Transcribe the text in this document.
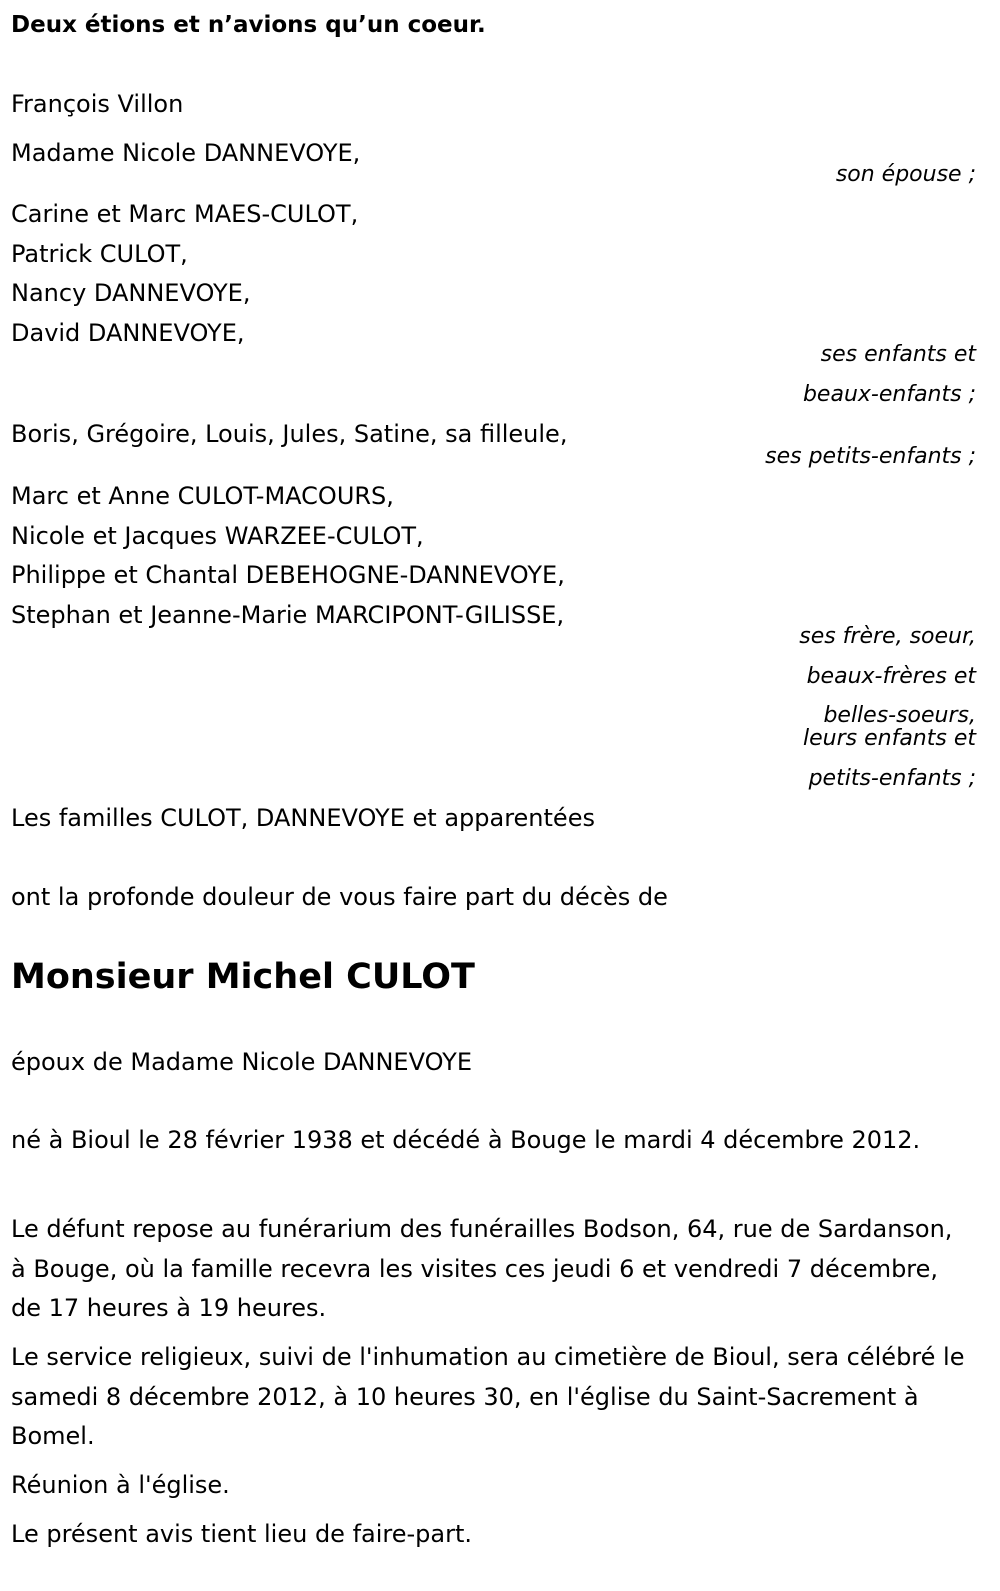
Deux étions et n’avions qu’un coeur.

François Villon

Madame Nicole DANNEVOYE,

son épouse ;

Carine et Marc MAES-CULOT,

Patrick CULOT,

Nancy DANNEVOYE,

David DANNEVOYE,

ses enfants et

beaux-enfants ;

Boris, Grégoire, Louis, Jules, Satine, sa filleule,

ses petits-enfants ;

Marc et Anne CULOT-MACOURS,

Nicole et Jacques WARZEE-CULOT,

Philippe et Chantal DEBEHOGNE-DANNEVOYE,

Stephan et Jeanne-Marie MARCIPONT-GILISSE,

ses frère, soeur,

beaux-frères et

belles-soeurs,

leurs enfants et

petits-enfants ;

Les familles CULOT, DANNEVOYE et apparentées

ont la profonde douleur de vous faire part du décès de

Monsieur Michel CULOT

époux de Madame Nicole DANNEVOYE

né à Bioul le 28 février 1938 et décédé à Bouge le mardi 4 décembre 2012.

Le défunt repose au funérarium des funérailles Bodson, 64, rue de Sardanson, à Bouge, où la famille recevra les visites ces jeudi 6 et vendredi 7 décembre, de 17 heures à 19 heures.

Le service religieux, suivi de l'inhumation au cimetière de Bioul, sera célébré le samedi 8 décembre 2012, à 10 heures 30, en l'église du Saint-Sacrement à Bomel.

Réunion à l'église.

Le présent avis tient lieu de faire-part.
